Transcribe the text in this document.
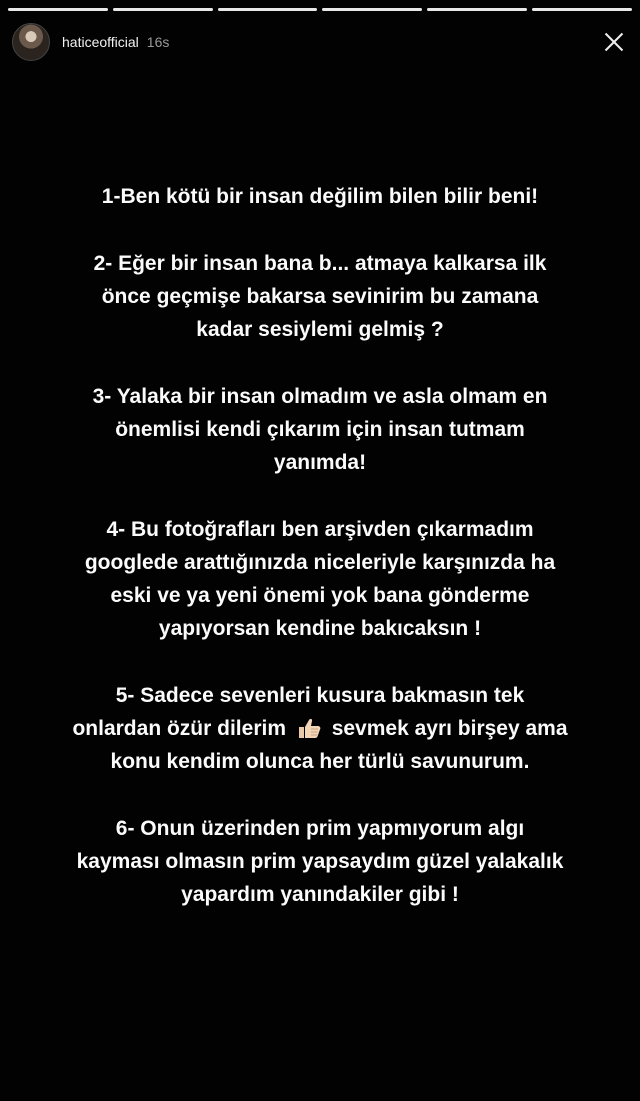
haticeofficial 16s

1-Ben kötü bir insan değilim bilen bilir beni!

2- Eğer bir insan bana b... atmaya kalkarsa ilk
önce geçmişe bakarsa sevinirim bu zamana
kadar sesiylemi gelmiş ?

3- Yalaka bir insan olmadım ve asla olmam en
önemlisi kendi çıkarım için insan tutmam
yanımda!

4- Bu fotoğrafları ben arşivden çıkarmadım
googlede arattığınızda niceleriyle karşınızda ha
eski ve ya yeni önemi yok bana gönderme
yapıyorsan kendine bakıcaksın !

5- Sadece sevenleri kusura bakmasın tek
onlardan özür dilerim sevmek ayrı birşey ama
konu kendim olunca her türlü savunurum.

6- Onun üzerinden prim yapmıyorum algı
kayması olmasın prim yapsaydım güzel yalakalık
yapardım yanındakiler gibi !
